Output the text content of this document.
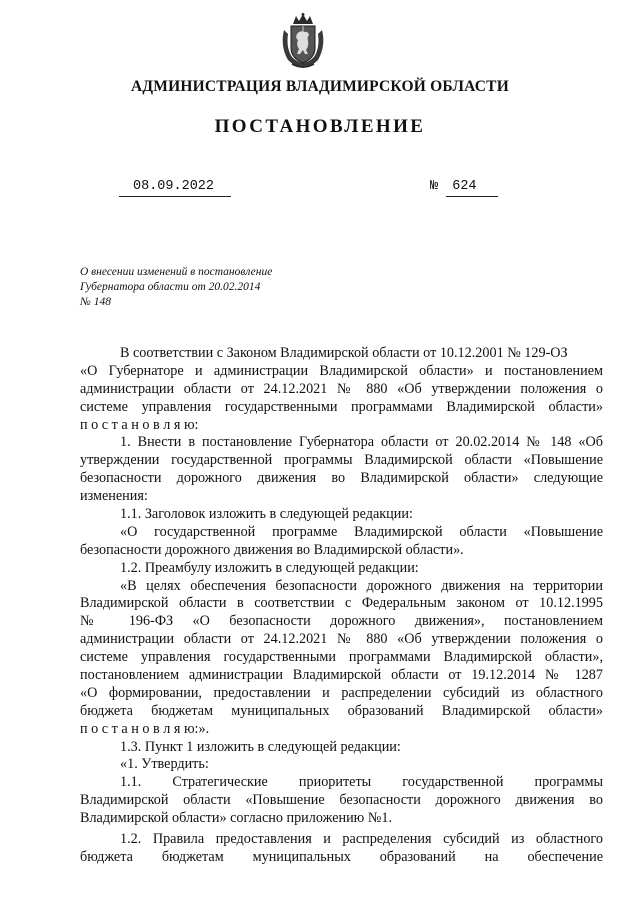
АДМИНИСТРАЦИЯ ВЛАДИМИРСКОЙ ОБЛАСТИ
ПОСТАНОВЛЕНИЕ
08.09.2022	№ 624
О внесении изменений в постановление
Губернатора области от 20.02.2014
№ 148
В соответствии с Законом Владимирской области от 10.12.2001 № 129-ОЗ
«О Губернаторе и администрации Владимирской области» и постановлением
администрации области от 24.12.2021 № 880 «Об утверждении положения о
системе управления государственными программами Владимирской области»
п о с т а н о в л я ю:
1. Внести в постановление Губернатора области от 20.02.2014 № 148 «Об
утверждении государственной программы Владимирской области «Повышение
безопасности дорожного движения во Владимирской области» следующие
изменения:
1.1. Заголовок изложить в следующей редакции:
«О государственной программе Владимирской области «Повышение
безопасности дорожного движения во Владимирской области».
1.2. Преамбулу изложить в следующей редакции:
«В целях обеспечения безопасности дорожного движения на территории
Владимирской области в соответствии с Федеральным законом от 10.12.1995
№ 196-ФЗ «О безопасности дорожного движения», постановлением
администрации области от 24.12.2021 № 880 «Об утверждении положения о
системе управления государственными программами Владимирской области»,
постановлением администрации Владимирской области от 19.12.2014 № 1287
«О формировании, предоставлении и распределении субсидий из областного
бюджета бюджетам муниципальных образований Владимирской области»
п о с т а н о в л я ю:».
1.3. Пункт 1 изложить в следующей редакции:
«1. Утвердить:
1.1. Стратегические приоритеты государственной программы
Владимирской области «Повышение безопасности дорожного движения во
Владимирской области» согласно приложению №1.
1.2. Правила предоставления и распределения субсидий из областного
бюджета бюджетам муниципальных образований на обеспечение
